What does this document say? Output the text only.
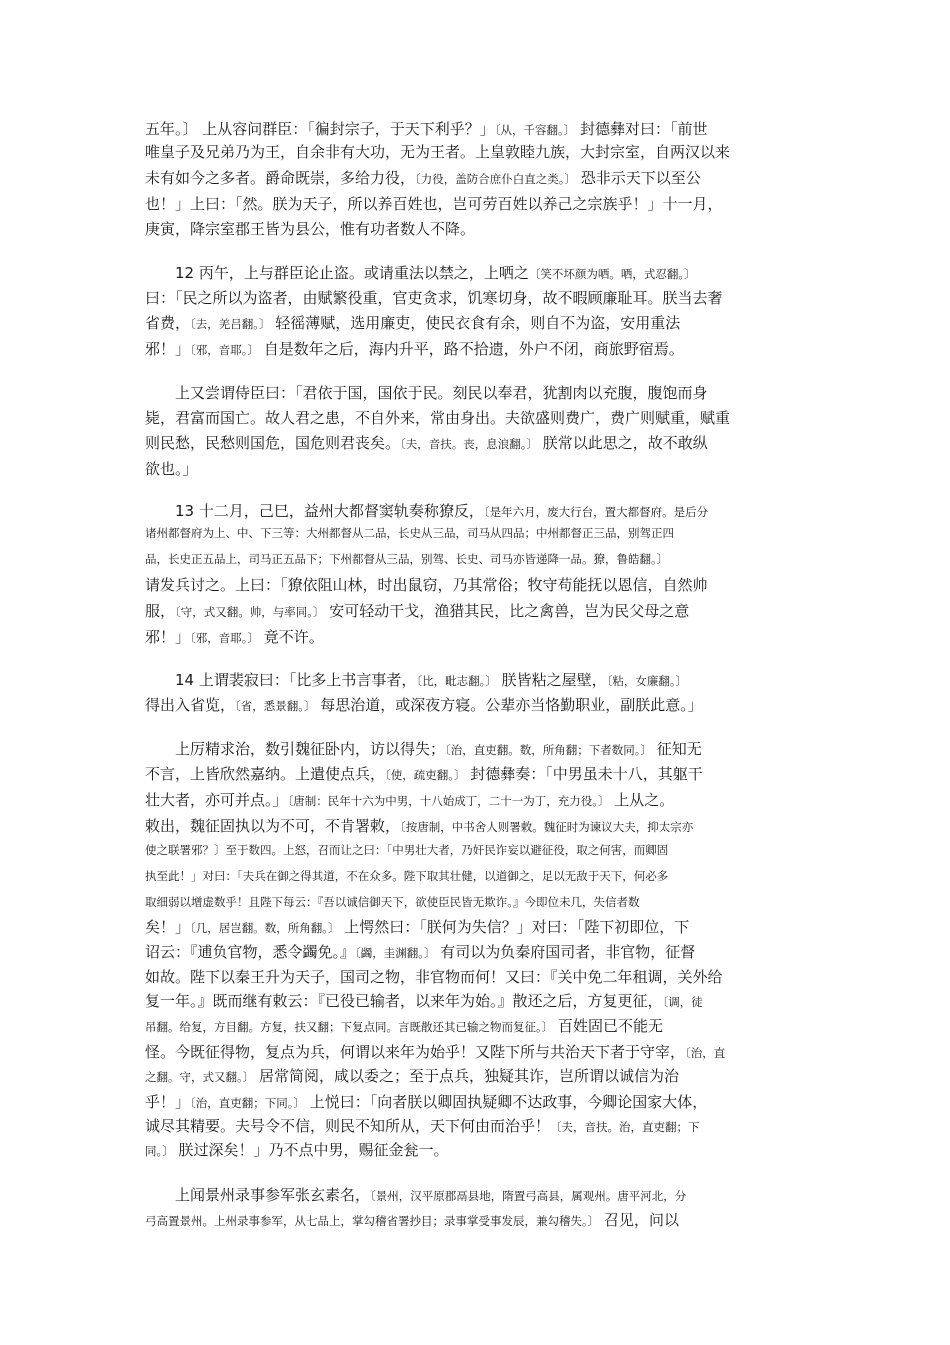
五年。〕 上从容问群臣：「徧封宗子，于天下利乎？」〔从，千容翻。〕 封德彝对曰：「前世
唯皇子及兄弟乃为王，自余非有大功，无为王者。上皇敦睦九族，大封宗室，自两汉以来
未有如今之多者。爵命既崇，多给力役，〔力役，盖防合庶仆白直之类。〕 恐非示天下以至公
也！」上曰：「然。朕为天子，所以养百姓也，岂可劳百姓以养己之宗族乎！」十一月，
庚寅，降宗室郡王皆为县公，惟有功者数人不降。
　　12 丙午，上与群臣论止盗。或请重法以禁之，上哂之〔笑不坏颜为哂。哂，式忍翻。〕
曰：「民之所以为盗者，由赋繁役重，官吏贪求，饥寒切身，故不暇顾廉耻耳。朕当去奢
省费，〔去，羌吕翻。〕 轻徭薄赋，选用廉吏，使民衣食有余，则自不为盗，安用重法
邪！」〔邪，音耶。〕 自是数年之后，海内升平，路不拾遗，外户不闭，商旅野宿焉。
　　上又尝谓侍臣曰：「君依于国，国依于民。刻民以奉君，犹割肉以充腹，腹饱而身
毙，君富而国亡。故人君之患，不自外来，常由身出。夫欲盛则费广，费广则赋重，赋重
则民愁，民愁则国危，国危则君丧矣。〔夫，音扶。丧，息浪翻。〕 朕常以此思之，故不敢纵
欲也。」
　　13 十二月，己巳，益州大都督窦轨奏称獠反，〔是年六月，废大行台，置大都督府。是后分
诸州都督府为上、中、下三等：大州都督从二品，长史从三品，司马从四品；中州都督正三品，别驾正四
品，长史正五品上，司马正五品下；下州都督从三品，别驾、长史、司马亦皆递降一品。獠，鲁皓翻。〕
请发兵讨之。上曰：「獠依阻山林，时出鼠窃，乃其常俗；牧守苟能抚以恩信，自然帅
服，〔守，式又翻。帅，与率同。〕 安可轻动干戈，渔猎其民，比之禽兽，岂为民父母之意
邪！」〔邪，音耶。〕 竟不许。
　　14 上谓裴寂曰：「比多上书言事者，〔比，毗志翻。〕 朕皆粘之屋壁，〔粘，女廉翻。〕
得出入省览，〔省，悉景翻。〕 每思治道，或深夜方寝。公辈亦当恪勤职业，副朕此意。」
　　上厉精求治，数引魏征卧内，访以得失；〔治，直吏翻。数，所角翻；下者数同。〕 征知无
不言，上皆欣然嘉纳。上遣使点兵，〔使，疏吏翻。〕 封德彝奏：「中男虽未十八，其躯干
壮大者，亦可并点。」〔唐制：民年十六为中男，十八始成丁，二十一为丁，充力役。〕 上从之。
敕出，魏征固执以为不可，不肯署敕，〔按唐制，中书舍人则署敕。魏征时为谏议大夫，抑太宗亦
使之联署邪？〕至于数四。上怒，召而让之曰：「中男壮大者，乃奸民诈妄以避征役，取之何害，而卿固
执至此！」对曰：「夫兵在御之得其道，不在众多。陛下取其壮健，以道御之，足以无敌于天下，何必多
取细弱以增虚数乎！且陛下每云：『吾以诚信御天下，欲使臣民皆无欺诈。』今即位未几，失信者数
矣！」〔几，居岂翻。数，所角翻。〕 上愕然曰：「朕何为失信？」对曰：「陛下初即位，下
诏云：『逋负官物，悉令蠲免。』〔蠲，圭渊翻。〕 有司以为负秦府国司者，非官物，征督
如故。陛下以秦王升为天子，国司之物，非官物而何！又曰：『关中免二年租调，关外给
复一年。』既而继有敕云：『已役已输者，以来年为始。』散还之后，方复更征，〔调，徒
吊翻。给复，方目翻。方复，扶又翻；下复点同。言既散还其已输之物而复征。〕 百姓固已不能无
怪。今既征得物，复点为兵，何谓以来年为始乎！又陛下所与共治天下者于守宰，〔治，直
之翻。守，式又翻。〕 居常简阅，咸以委之；至于点兵，独疑其诈，岂所谓以诚信为治
乎！」〔治，直吏翻；下同。〕 上悦曰：「向者朕以卿固执疑卿不达政事，今卿论国家大体，
诚尽其精要。夫号令不信，则民不知所从，天下何由而治乎！〔夫，音扶。治，直吏翻；下
同。〕 朕过深矣！」乃不点中男，赐征金瓮一。
　　上闻景州录事参军张玄素名，〔景州，汉平原郡鬲县地，隋置弓高县，属观州。唐平河北，分
弓高置景州。上州录事参军，从七品上，掌勾稽省署抄目；录事掌受事发辰，兼勾稽失。〕 召见，问以
